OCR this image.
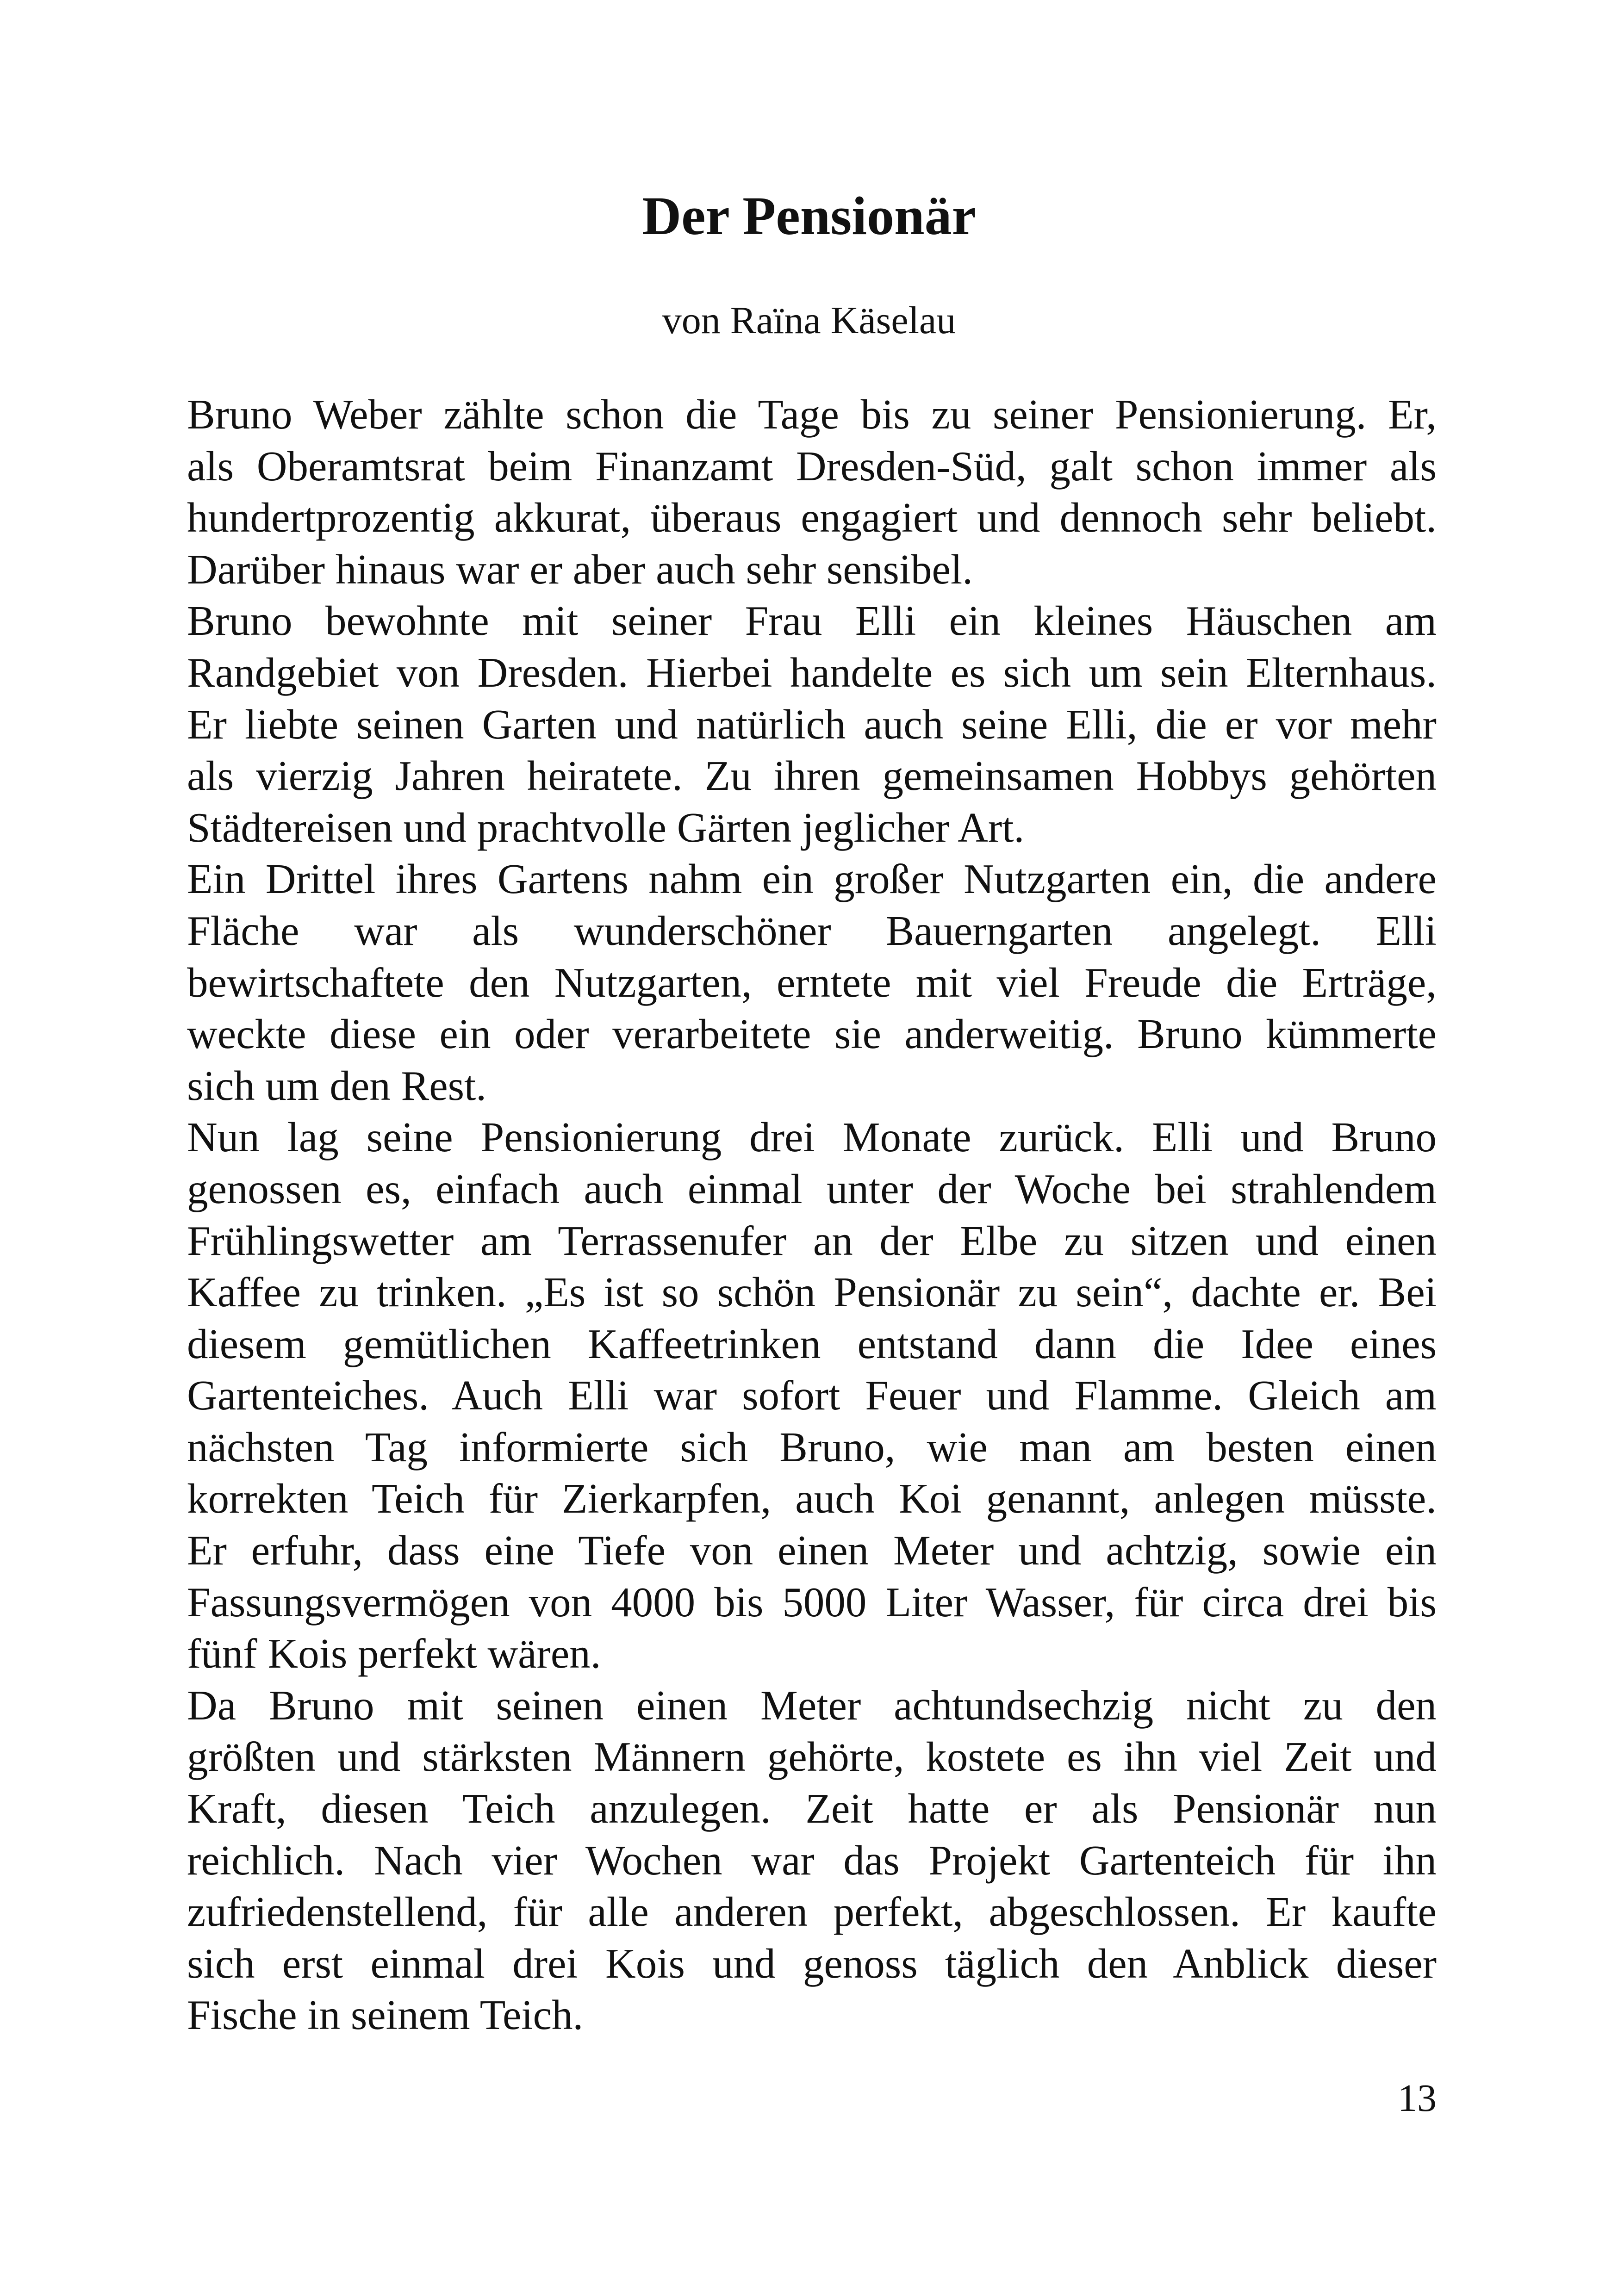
Der Pensionär

von Raïna Käselau

Bruno Weber zählte schon die Tage bis zu seiner Pensionierung. Er,
als Oberamtsrat beim Finanzamt Dresden-Süd, galt schon immer als
hundertprozentig akkurat, überaus engagiert und dennoch sehr beliebt.
Darüber hinaus war er aber auch sehr sensibel.

Bruno bewohnte mit seiner Frau Elli ein kleines Häuschen am
Randgebiet von Dresden. Hierbei handelte es sich um sein Elternhaus.
Er liebte seinen Garten und natürlich auch seine Elli, die er vor mehr
als vierzig Jahren heiratete. Zu ihren gemeinsamen Hobbys gehörten
Städtereisen und prachtvolle Gärten jeglicher Art.

Ein Drittel ihres Gartens nahm ein großer Nutzgarten ein, die andere
Fläche war als wunderschöner Bauerngarten angelegt. Elli
bewirtschaftete den Nutzgarten, erntete mit viel Freude die Erträge,
weckte diese ein oder verarbeitete sie anderweitig. Bruno kümmerte
sich um den Rest.

Nun lag seine Pensionierung drei Monate zurück. Elli und Bruno
genossen es, einfach auch einmal unter der Woche bei strahlendem
Frühlingswetter am Terrassenufer an der Elbe zu sitzen und einen
Kaffee zu trinken. „Es ist so schön Pensionär zu sein“, dachte er. Bei
diesem gemütlichen Kaffeetrinken entstand dann die Idee eines
Gartenteiches. Auch Elli war sofort Feuer und Flamme. Gleich am
nächsten Tag informierte sich Bruno, wie man am besten einen
korrekten Teich für Zierkarpfen, auch Koi genannt, anlegen müsste.
Er erfuhr, dass eine Tiefe von einen Meter und achtzig, sowie ein
Fassungsvermögen von 4000 bis 5000 Liter Wasser, für circa drei bis
fünf Kois perfekt wären.

Da Bruno mit seinen einen Meter achtundsechzig nicht zu den
größten und stärksten Männern gehörte, kostete es ihn viel Zeit und
Kraft, diesen Teich anzulegen. Zeit hatte er als Pensionär nun
reichlich. Nach vier Wochen war das Projekt Gartenteich für ihn
zufriedenstellend, für alle anderen perfekt, abgeschlossen. Er kaufte
sich erst einmal drei Kois und genoss täglich den Anblick dieser
Fische in seinem Teich.

13
